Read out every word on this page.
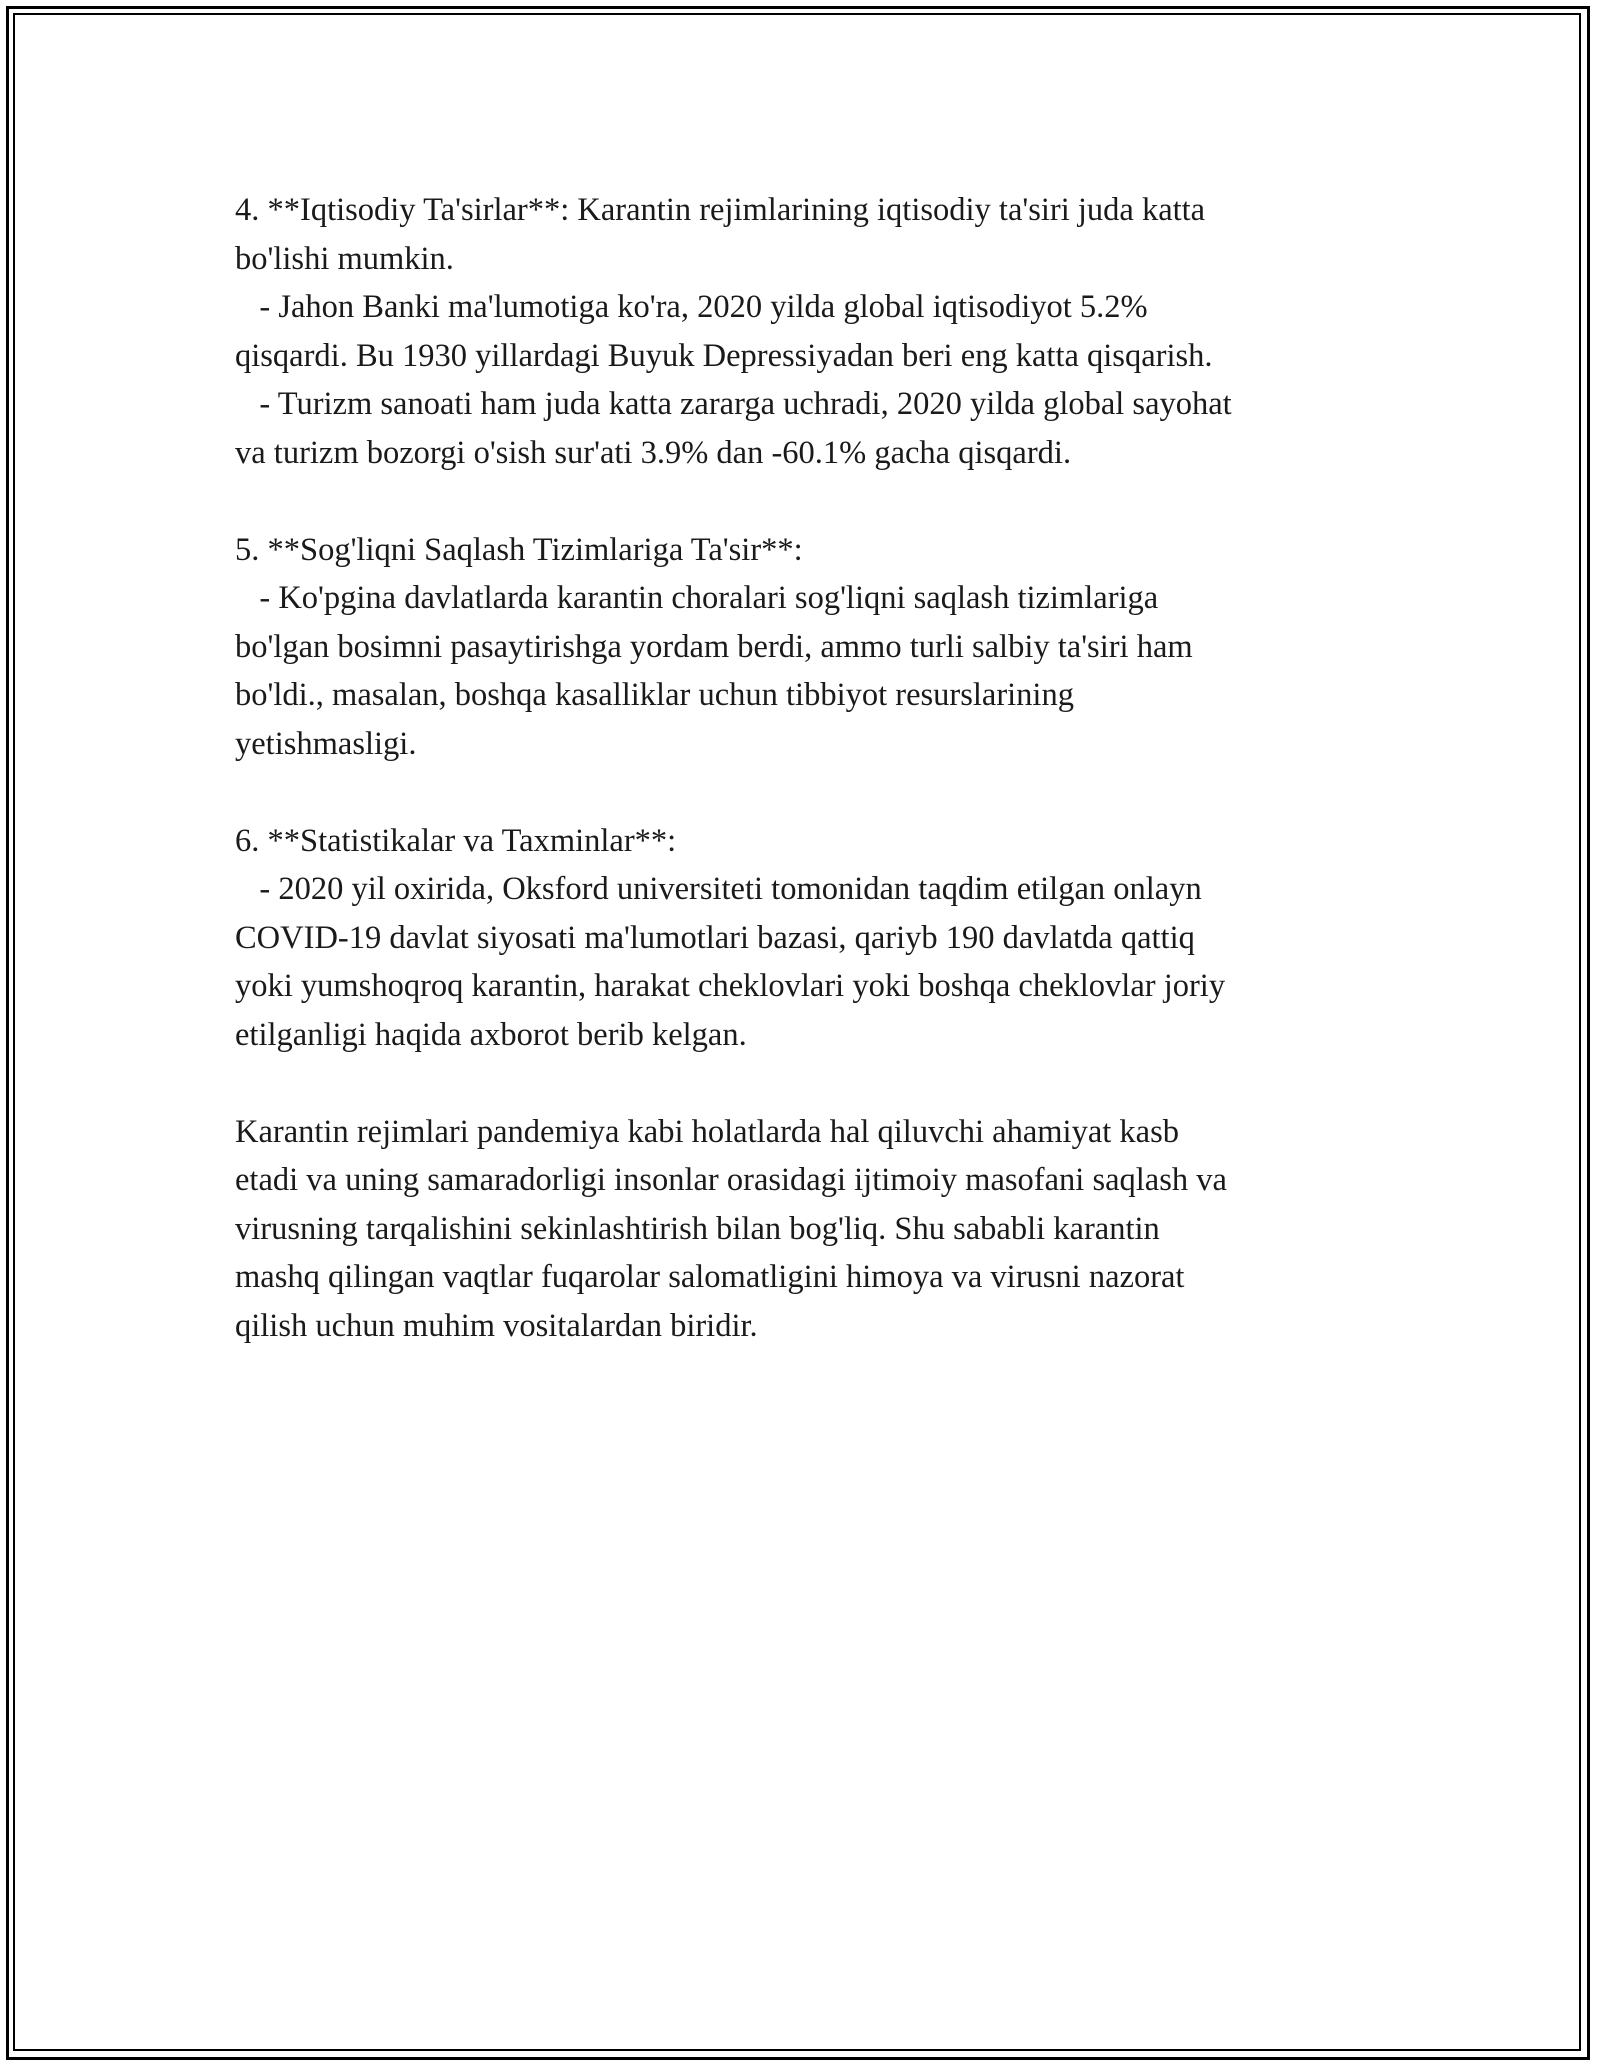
4. **Iqtisodiy Ta'sirlar**: Karantin rejimlarining iqtisodiy ta'siri juda katta
bo'lishi mumkin.
- Jahon Banki ma'lumotiga ko'ra, 2020 yilda global iqtisodiyot 5.2%
qisqardi. Bu 1930 yillardagi Buyuk Depressiyadan beri eng katta qisqarish.
- Turizm sanoati ham juda katta zararga uchradi, 2020 yilda global sayohat
va turizm bozorgi o'sish sur'ati 3.9% dan -60.1% gacha qisqardi.
5. **Sog'liqni Saqlash Tizimlariga Ta'sir**:
- Ko'pgina davlatlarda karantin choralari sog'liqni saqlash tizimlariga
bo'lgan bosimni pasaytirishga yordam berdi, ammo turli salbiy ta'siri ham
bo'ldi., masalan, boshqa kasalliklar uchun tibbiyot resurslarining
yetishmasligi.
6. **Statistikalar va Taxminlar**:
- 2020 yil oxirida, Oksford universiteti tomonidan taqdim etilgan onlayn
COVID-19 davlat siyosati ma'lumotlari bazasi, qariyb 190 davlatda qattiq
yoki yumshoqroq karantin, harakat cheklovlari yoki boshqa cheklovlar joriy
etilganligi haqida axborot berib kelgan.
Karantin rejimlari pandemiya kabi holatlarda hal qiluvchi ahamiyat kasb
etadi va uning samaradorligi insonlar orasidagi ijtimoiy masofani saqlash va
virusning tarqalishini sekinlashtirish bilan bog'liq. Shu sababli karantin
mashq qilingan vaqtlar fuqarolar salomatligini himoya va virusni nazorat
qilish uchun muhim vositalardan biridir.
